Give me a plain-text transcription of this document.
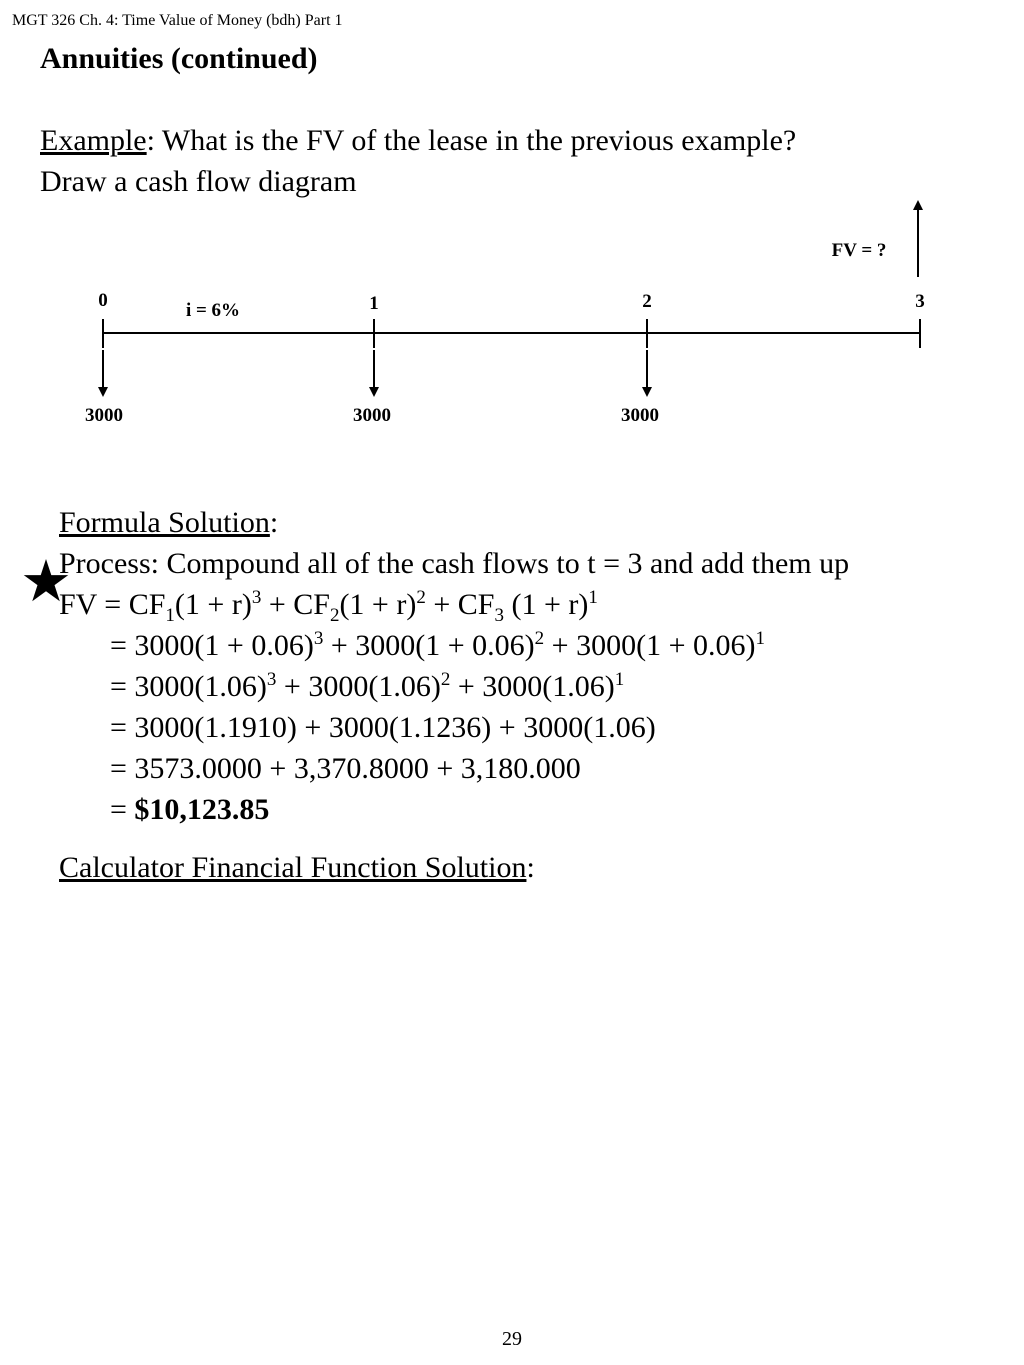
MGT 326 Ch. 4: Time Value of Money (bdh) Part 1
Annuities (continued)
Example: What is the FV of the lease in the previous example?
Draw a cash flow diagram
0	1	2	3
i = 6%
FV = ?
3000	3000	3000
Formula Solution:
Process: Compound all of the cash flows to t = 3 and add them up
★
FV = $CF_1(1 + r)^3 + CF_2(1 + r)^2 + CF_3$ $(1 + r)^1$
= $3000(1 + 0.06)^3 + 3000(1 + 0.06)^2 + 3000(1 + 0.06)^1$
= $3000(1.06)^3 + 3000(1.06)^2 + 3000(1.06)^1$
= 3000(1.1910) + 3000(1.1236) + 3000(1.06)
= 3573.0000 + 3,370.8000 + 3,180.000
= $10,123.85
Calculator Financial Function Solution:
29
